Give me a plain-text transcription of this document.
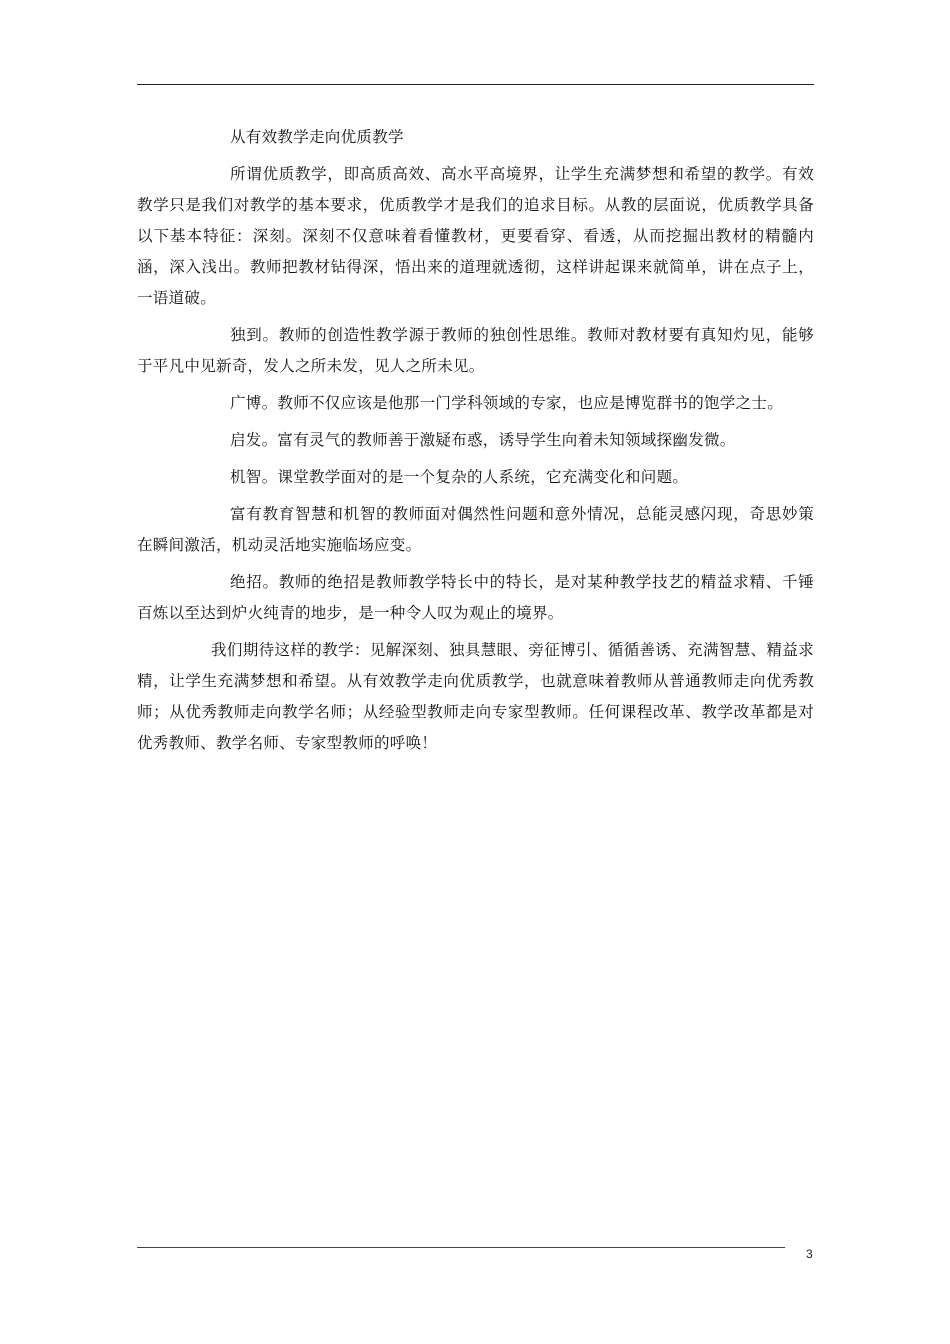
从有效教学走向优质教学

所谓优质教学，即高质高效、高水平高境界，让学生充满梦想和希望的教学。有效教学只是我们对教学的基本要求，优质教学才是我们的追求目标。从教的层面说，优质教学具备以下基本特征：深刻。深刻不仅意味着看懂教材，更要看穿、看透，从而挖掘出教材的精髓内涵，深入浅出。教师把教材钻得深，悟出来的道理就透彻，这样讲起课来就简单，讲在点子上，一语道破。

独到。教师的创造性教学源于教师的独创性思维。教师对教材要有真知灼见，能够于平凡中见新奇，发人之所未发，见人之所未见。

广博。教师不仅应该是他那一门学科领域的专家，也应是博览群书的饱学之士。

启发。富有灵气的教师善于激疑布惑，诱导学生向着未知领域探幽发微。

机智。课堂教学面对的是一个复杂的人系统，它充满变化和问题。

富有教育智慧和机智的教师面对偶然性问题和意外情况，总能灵感闪现，奇思妙策在瞬间激活，机动灵活地实施临场应变。

绝招。教师的绝招是教师教学特长中的特长，是对某种教学技艺的精益求精、千锤百炼以至达到炉火纯青的地步，是一种令人叹为观止的境界。

我们期待这样的教学：见解深刻、独具慧眼、旁征博引、循循善诱、充满智慧、精益求精，让学生充满梦想和希望。从有效教学走向优质教学，也就意味着教师从普通教师走向优秀教师；从优秀教师走向教学名师；从经验型教师走向专家型教师。任何课程改革、教学改革都是对优秀教师、教学名师、专家型教师的呼唤！

3
